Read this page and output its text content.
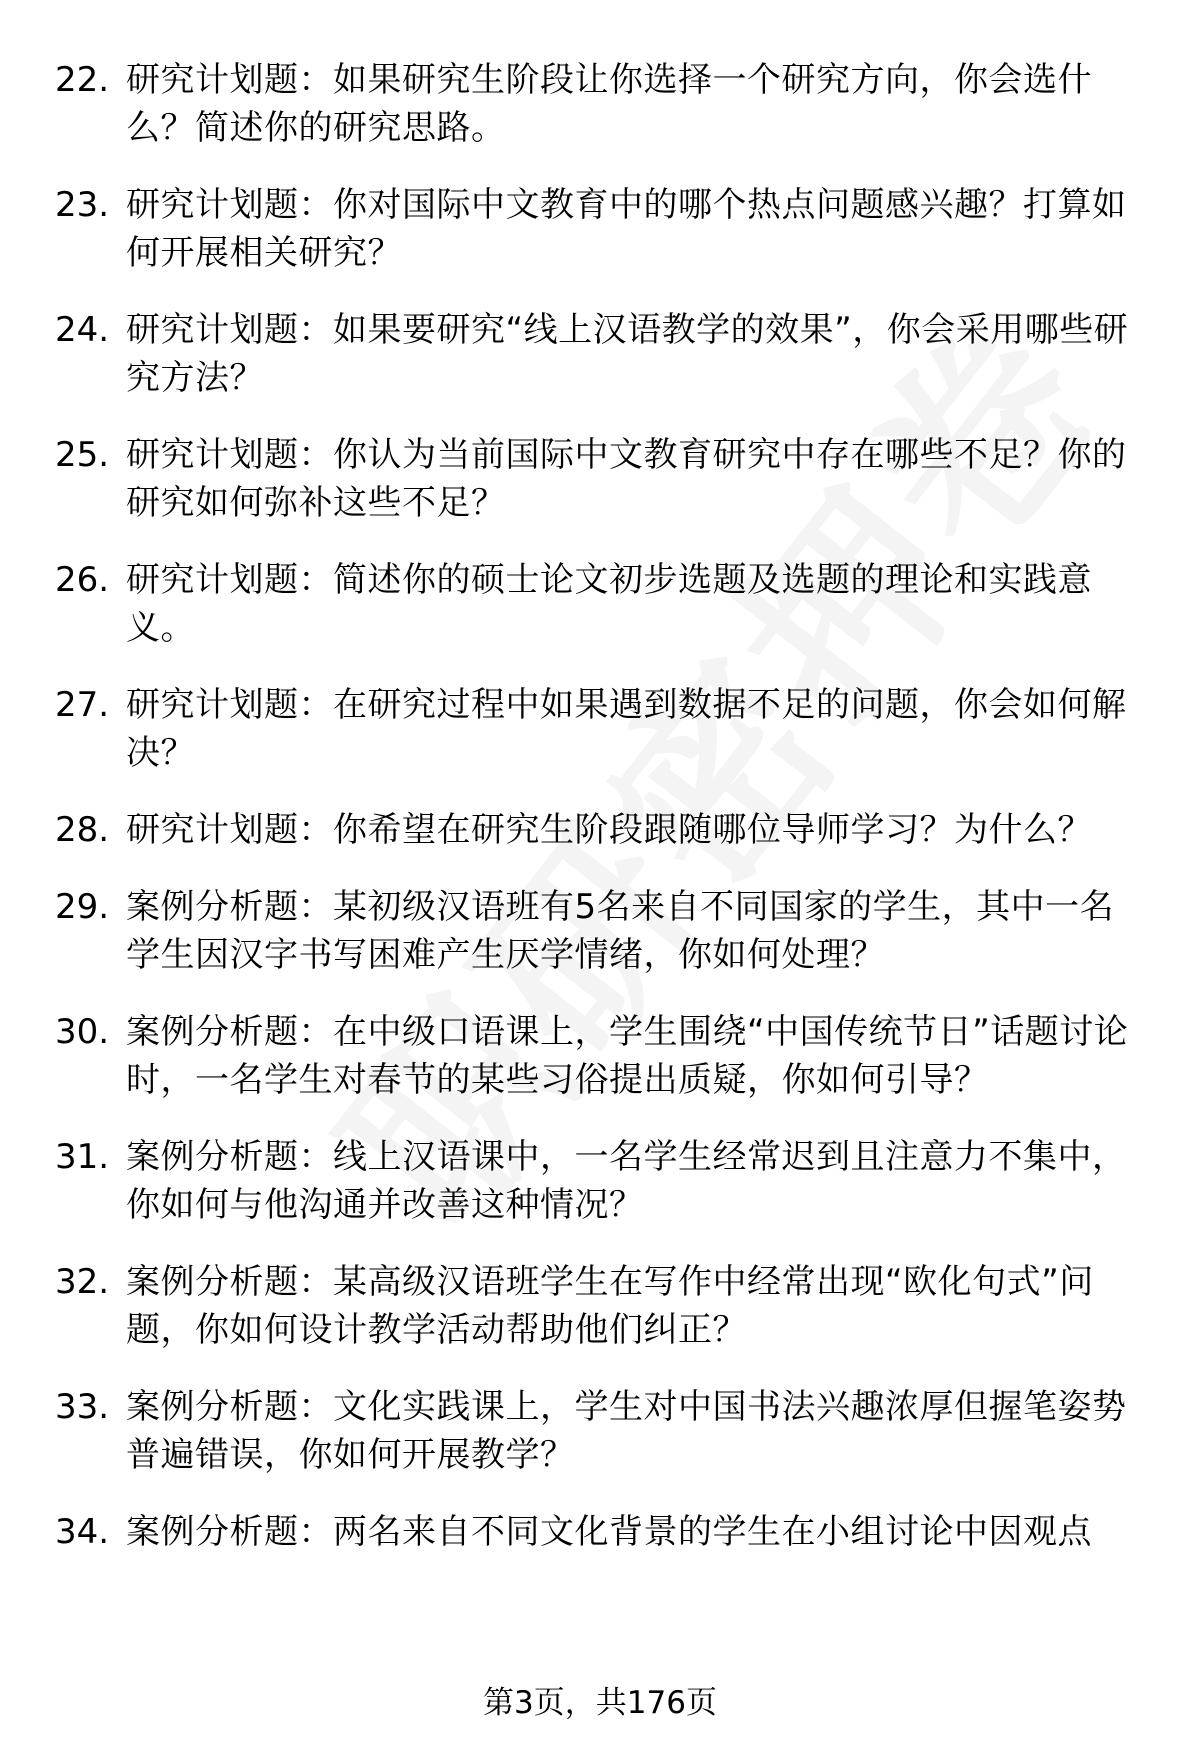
22. 研究计划题：如果研究生阶段让你选择一个研究方向，你会选什么？简述你的研究思路。
23. 研究计划题：你对国际中文教育中的哪个热点问题感兴趣？打算如何开展相关研究？
24. 研究计划题：如果要研究“线上汉语教学的效果”，你会采用哪些研究方法？
25. 研究计划题：你认为当前国际中文教育研究中存在哪些不足？你的研究如何弥补这些不足？
26. 研究计划题：简述你的硕士论文初步选题及选题的理论和实践意义。
27. 研究计划题：在研究过程中如果遇到数据不足的问题，你会如何解决？
28. 研究计划题：你希望在研究生阶段跟随哪位导师学习？为什么？
29. 案例分析题：某初级汉语班有5名来自不同国家的学生，其中一名学生因汉字书写困难产生厌学情绪，你如何处理？
30. 案例分析题：在中级口语课上，学生围绕“中国传统节日”话题讨论时，一名学生对春节的某些习俗提出质疑，你如何引导？
31. 案例分析题：线上汉语课中，一名学生经常迟到且注意力不集中，你如何与他沟通并改善这种情况？
32. 案例分析题：某高级汉语班学生在写作中经常出现“欧化句式”问题，你如何设计教学活动帮助他们纠正？
33. 案例分析题：文化实践课上，学生对中国书法兴趣浓厚但握笔姿势普遍错误，你如何开展教学？
34. 案例分析题：两名来自不同文化背景的学生在小组讨论中因观点
第3页，共176页
